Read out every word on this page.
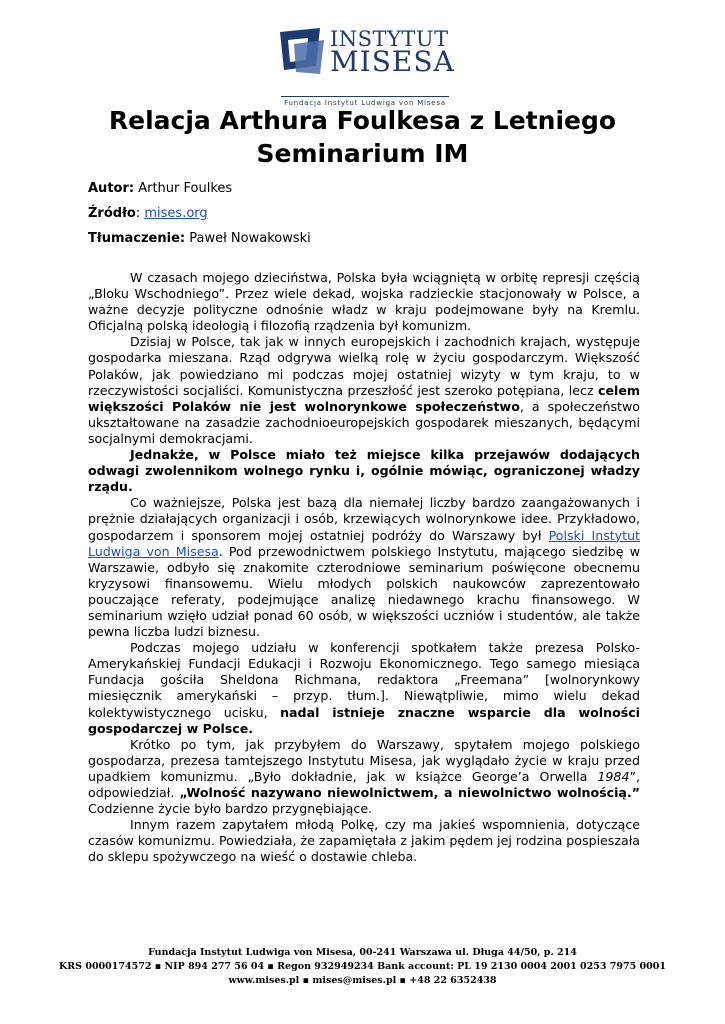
INSTYTUT
MISESA
Fundacja Instytut Ludwiga von Misesa
Relacja Arthura Foulkesa z Letniego Seminarium IM
Autor: Arthur Foulkes
Źródło: mises.org
Tłumaczenie: Paweł Nowakowski

W czasach mojego dzieciństwa, Polska była wciągniętą w orbitę represji częścią „Bloku Wschodniego”. Przez wiele dekad, wojska radzieckie stacjonowały w Polsce, a ważne decyzje polityczne odnośnie władz w kraju podejmowane były na Kremlu. Oficjalną polską ideologią i filozofią rządzenia był komunizm.

Dzisiaj w Polsce, tak jak w innych europejskich i zachodnich krajach, występuje gospodarka mieszana. Rząd odgrywa wielką rolę w życiu gospodarczym. Większość Polaków, jak powiedziano mi podczas mojej ostatniej wizyty w tym kraju, to w rzeczywistości socjaliści. Komunistyczna przeszłość jest szeroko potępiana, lecz celem większości Polaków nie jest wolnorynkowe społeczeństwo, a społeczeństwo ukształtowane na zasadzie zachodnioeuropejskich gospodarek mieszanych, będącymi socjalnymi demokracjami.

Jednakże, w Polsce miało też miejsce kilka przejawów dodających odwagi zwolennikom wolnego rynku i, ogólnie mówiąc, ograniczonej władzy rządu.

Co ważniejsze, Polska jest bazą dla niemałej liczby bardzo zaangażowanych i prężnie działających organizacji i osób, krzewiących wolnorynkowe idee. Przykładowo, gospodarzem i sponsorem mojej ostatniej podróży do Warszawy był Polski Instytut Ludwiga von Misesa. Pod przewodnictwem polskiego Instytutu, mającego siedzibę w Warszawie, odbyło się znakomite czterodniowe seminarium poświęcone obecnemu kryzysowi finansowemu. Wielu młodych polskich naukowców zaprezentowało pouczające referaty, podejmujące analizę niedawnego krachu finansowego. W seminarium wzięło udział ponad 60 osób, w większości uczniów i studentów, ale także pewna liczba ludzi biznesu.

Podczas mojego udziału w konferencji spotkałem także prezesa Polsko-Amerykańskiej Fundacji Edukacji i Rozwoju Ekonomicznego. Tego samego miesiąca Fundacja gościła Sheldona Richmana, redaktora „Freemana” [wolnorynkowy miesięcznik amerykański – przyp. tłum.]. Niewątpliwie, mimo wielu dekad kolektywistycznego ucisku, nadal istnieje znaczne wsparcie dla wolności gospodarczej w Polsce.

Krótko po tym, jak przybyłem do Warszawy, spytałem mojego polskiego gospodarza, prezesa tamtejszego Instytutu Misesa, jak wyglądało życie w kraju przed upadkiem komunizmu. „Było dokładnie, jak w książce George’a Orwella 1984”, odpowiedział. „Wolność nazywano niewolnictwem, a niewolnictwo wolnością.” Codzienne życie było bardzo przygnębiające.

Innym razem zapytałem młodą Polkę, czy ma jakieś wspomnienia, dotyczące czasów komunizmu. Powiedziała, że zapamiętała z jakim pędem jej rodzina pospieszała do sklepu spożywczego na wieść o dostawie chleba.

Fundacja Instytut Ludwiga von Misesa, 00-241 Warszawa ul. Długa 44/50, p. 214
KRS 0000174572 ▪ NIP 894 277 56 04 ▪ Regon 932949234 Bank account: PL 19 2130 0004 2001 0253 7975 0001
www.mises.pl ▪ mises@mises.pl ▪ +48 22 6352438
